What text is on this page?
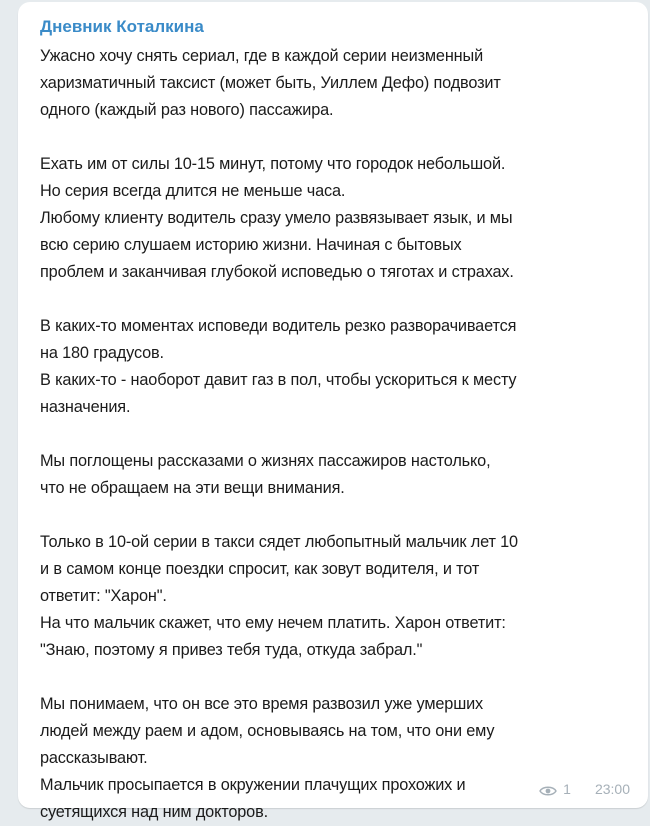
Дневник Коталкина

Ужасно хочу снять сериал, где в каждой серии неизменный
харизматичный таксист (может быть, Уиллем Дефо) подвозит
одного (каждый раз нового) пассажира.

Ехать им от силы 10-15 минут, потому что городок небольшой.
Но серия всегда длится не меньше часа.
Любому клиенту водитель сразу умело развязывает язык, и мы
всю серию слушаем историю жизни. Начиная с бытовых
проблем и заканчивая глубокой исповедью о тяготах и страхах.

В каких-то моментах исповеди водитель резко разворачивается
на 180 градусов.
В каких-то - наоборот давит газ в пол, чтобы ускориться к месту
назначения.

Мы поглощены рассказами о жизнях пассажиров настолько,
что не обращаем на эти вещи внимания.

Только в 10-ой серии в такси сядет любопытный мальчик лет 10
и в самом конце поездки спросит, как зовут водителя, и тот
ответит: "Харон".
На что мальчик скажет, что ему нечем платить. Харон ответит:
"Знаю, поэтому я привез тебя туда, откуда забрал."

Мы понимаем, что он все это время развозил уже умерших
людей между раем и адом, основываясь на том, что они ему
рассказывают.
Мальчик просыпается в окружении плачущих прохожих и
суетящихся над ним докторов.

1 23:00
